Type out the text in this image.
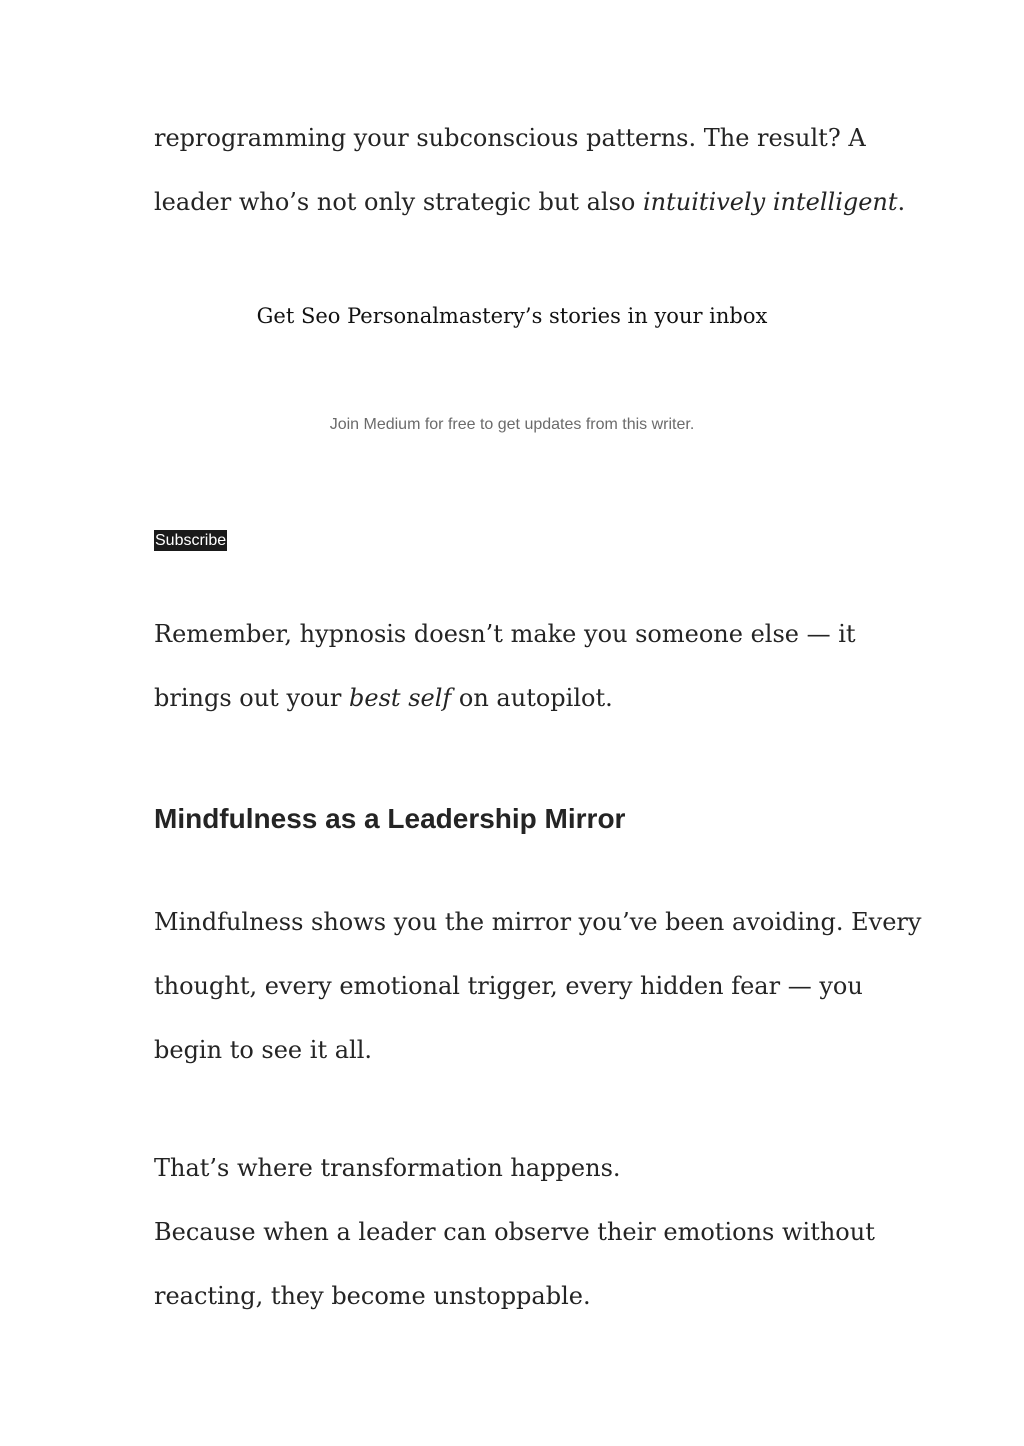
reprogramming your subconscious patterns. The result? A
leader who’s not only strategic but also intuitively intelligent.
Get Seo Personalmastery’s stories in your inbox
Join Medium for free to get updates from this writer.
Subscribe
Remember, hypnosis doesn’t make you someone else — it
brings out your best self on autopilot.
Mindfulness as a Leadership Mirror
Mindfulness shows you the mirror you’ve been avoiding. Every
thought, every emotional trigger, every hidden fear — you
begin to see it all.
That’s where transformation happens.
Because when a leader can observe their emotions without
reacting, they become unstoppable.
